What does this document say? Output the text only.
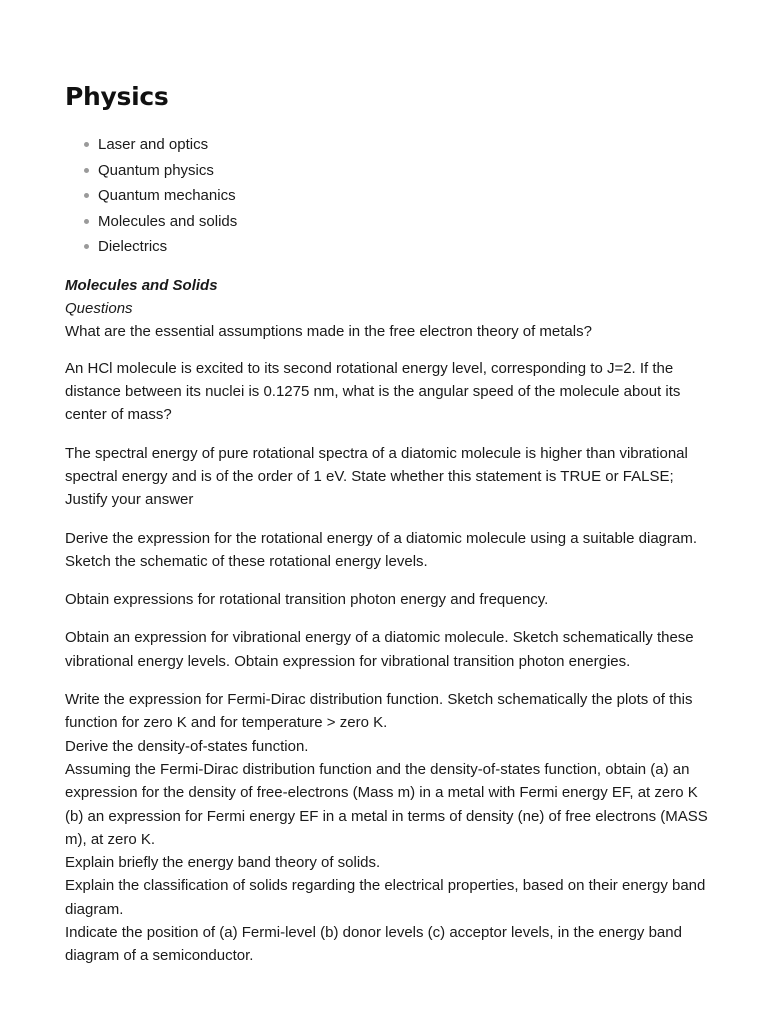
Physics
Laser and optics
Quantum physics
Quantum mechanics
Molecules and solids
Dielectrics
Molecules and Solids
Questions

What are the essential assumptions made in the free electron theory of metals?

An HCl molecule is excited to its second rotational energy level, corresponding to J=2. If the distance between its nuclei is 0.1275 nm, what is the angular speed of the molecule about its center of mass?

The spectral energy of pure rotational spectra of a diatomic molecule is higher than vibrational spectral energy and is of the order of 1 eV. State whether this statement is TRUE or FALSE; Justify your answer

Derive the expression for the rotational energy of a diatomic molecule using a suitable diagram. Sketch the schematic of these rotational energy levels.

Obtain expressions for rotational transition photon energy and frequency.

Obtain an expression for vibrational energy of a diatomic molecule. Sketch schematically these vibrational energy levels. Obtain expression for vibrational transition photon energies.

Write the expression for Fermi-Dirac distribution function. Sketch schematically the plots of this function for zero K and for temperature > zero K.

Derive the density-of-states function.

Assuming the Fermi-Dirac distribution function and the density-of-states function, obtain (a) an expression for the density of free-electrons (Mass m) in a metal with Fermi energy EF, at zero K (b) an expression for Fermi energy EF in a metal in terms of density (ne) of free electrons (MASS m), at zero K.

Explain briefly the energy band theory of solids.

Explain the classification of solids regarding the electrical properties, based on their energy band diagram.

Indicate the position of (a) Fermi-level (b) donor levels (c) acceptor levels, in the energy band diagram of a semiconductor.
